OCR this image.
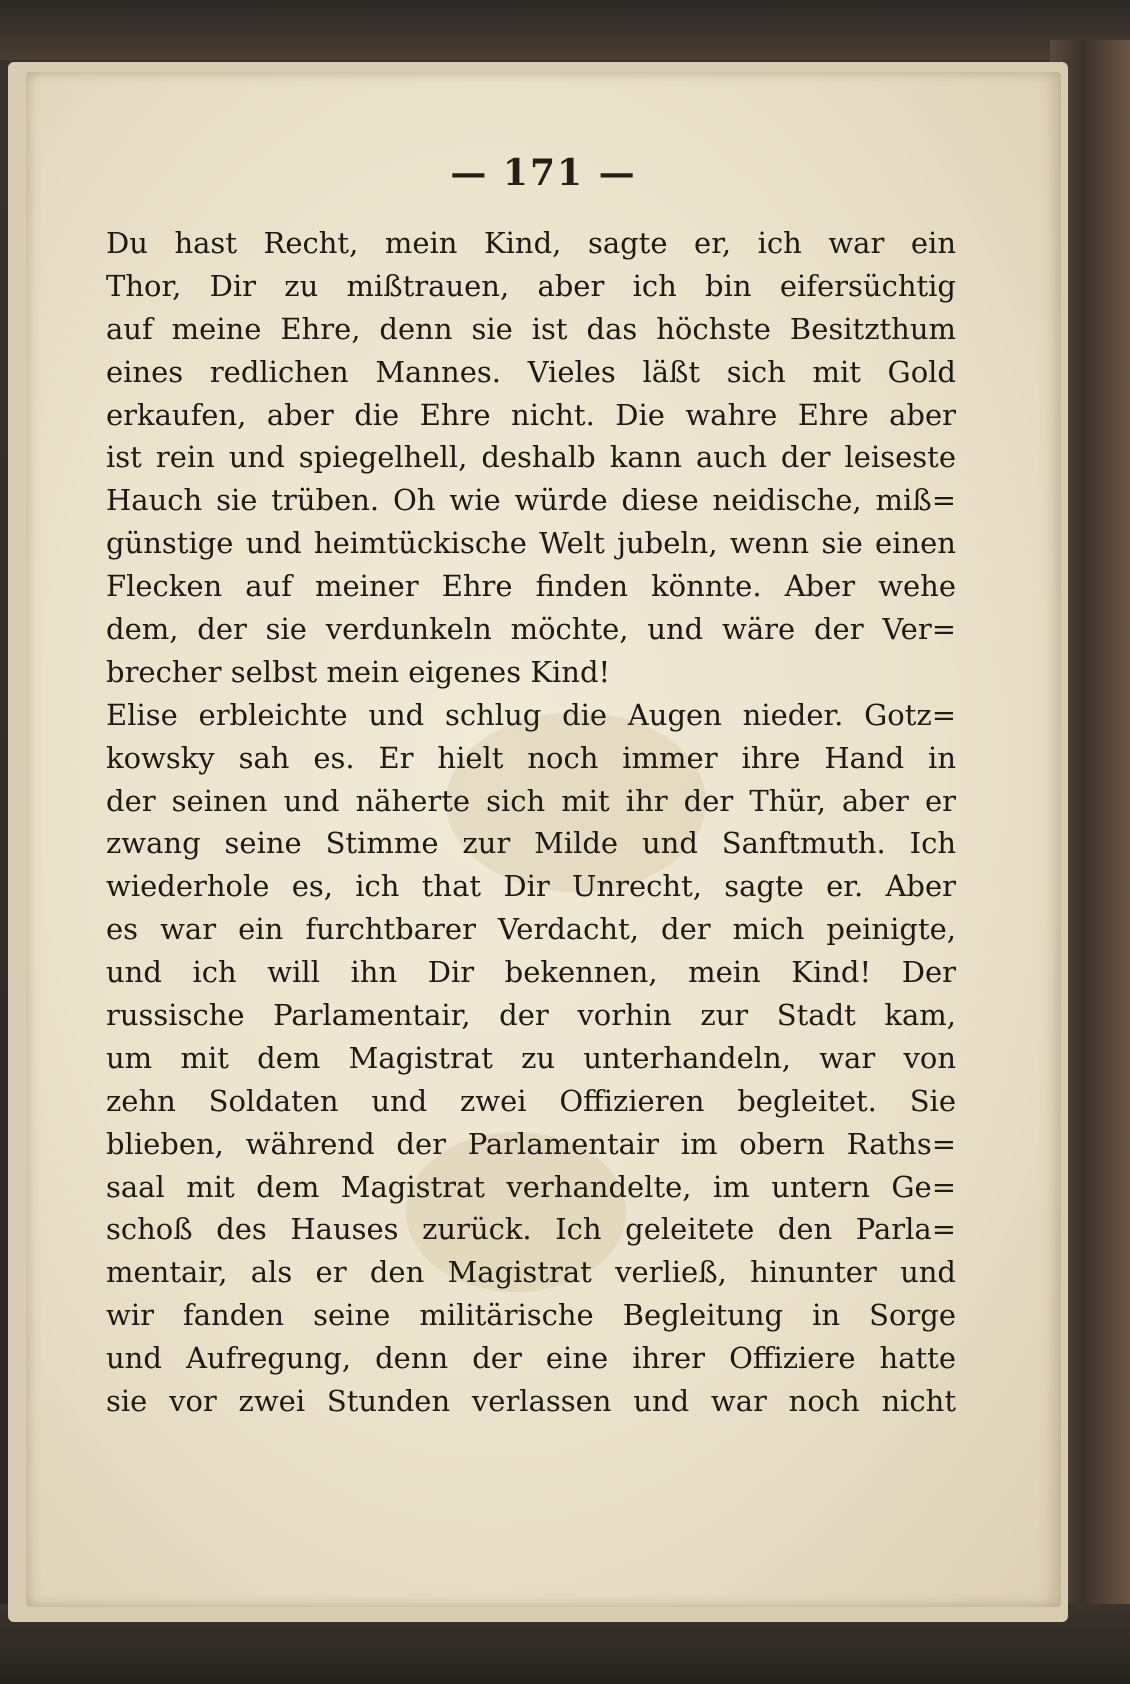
— 171 —
Du hast Recht, mein Kind, sagte er, ich war ein
Thor, Dir zu mißtrauen, aber ich bin eifersüchtig
auf meine Ehre, denn sie ist das höchste Besitzthum
eines redlichen Mannes. Vieles läßt sich mit Gold
erkaufen, aber die Ehre nicht. Die wahre Ehre aber
ist rein und spiegelhell, deshalb kann auch der leiseste
Hauch sie trüben. Oh wie würde diese neidische, miß=
günstige und heimtückische Welt jubeln, wenn sie einen
Flecken auf meiner Ehre finden könnte. Aber wehe
dem, der sie verdunkeln möchte, und wäre der Ver=
brecher selbst mein eigenes Kind!
Elise erbleichte und schlug die Augen nieder. Gotz=
kowsky sah es. Er hielt noch immer ihre Hand in
der seinen und näherte sich mit ihr der Thür, aber er
zwang seine Stimme zur Milde und Sanftmuth. Ich
wiederhole es, ich that Dir Unrecht, sagte er. Aber
es war ein furchtbarer Verdacht, der mich peinigte,
und ich will ihn Dir bekennen, mein Kind! Der
russische Parlamentair, der vorhin zur Stadt kam,
um mit dem Magistrat zu unterhandeln, war von
zehn Soldaten und zwei Offizieren begleitet. Sie
blieben, während der Parlamentair im obern Raths=
saal mit dem Magistrat verhandelte, im untern Ge=
schoß des Hauses zurück. Ich geleitete den Parla=
mentair, als er den Magistrat verließ, hinunter und
wir fanden seine militärische Begleitung in Sorge
und Aufregung, denn der eine ihrer Offiziere hatte
sie vor zwei Stunden verlassen und war noch nicht
